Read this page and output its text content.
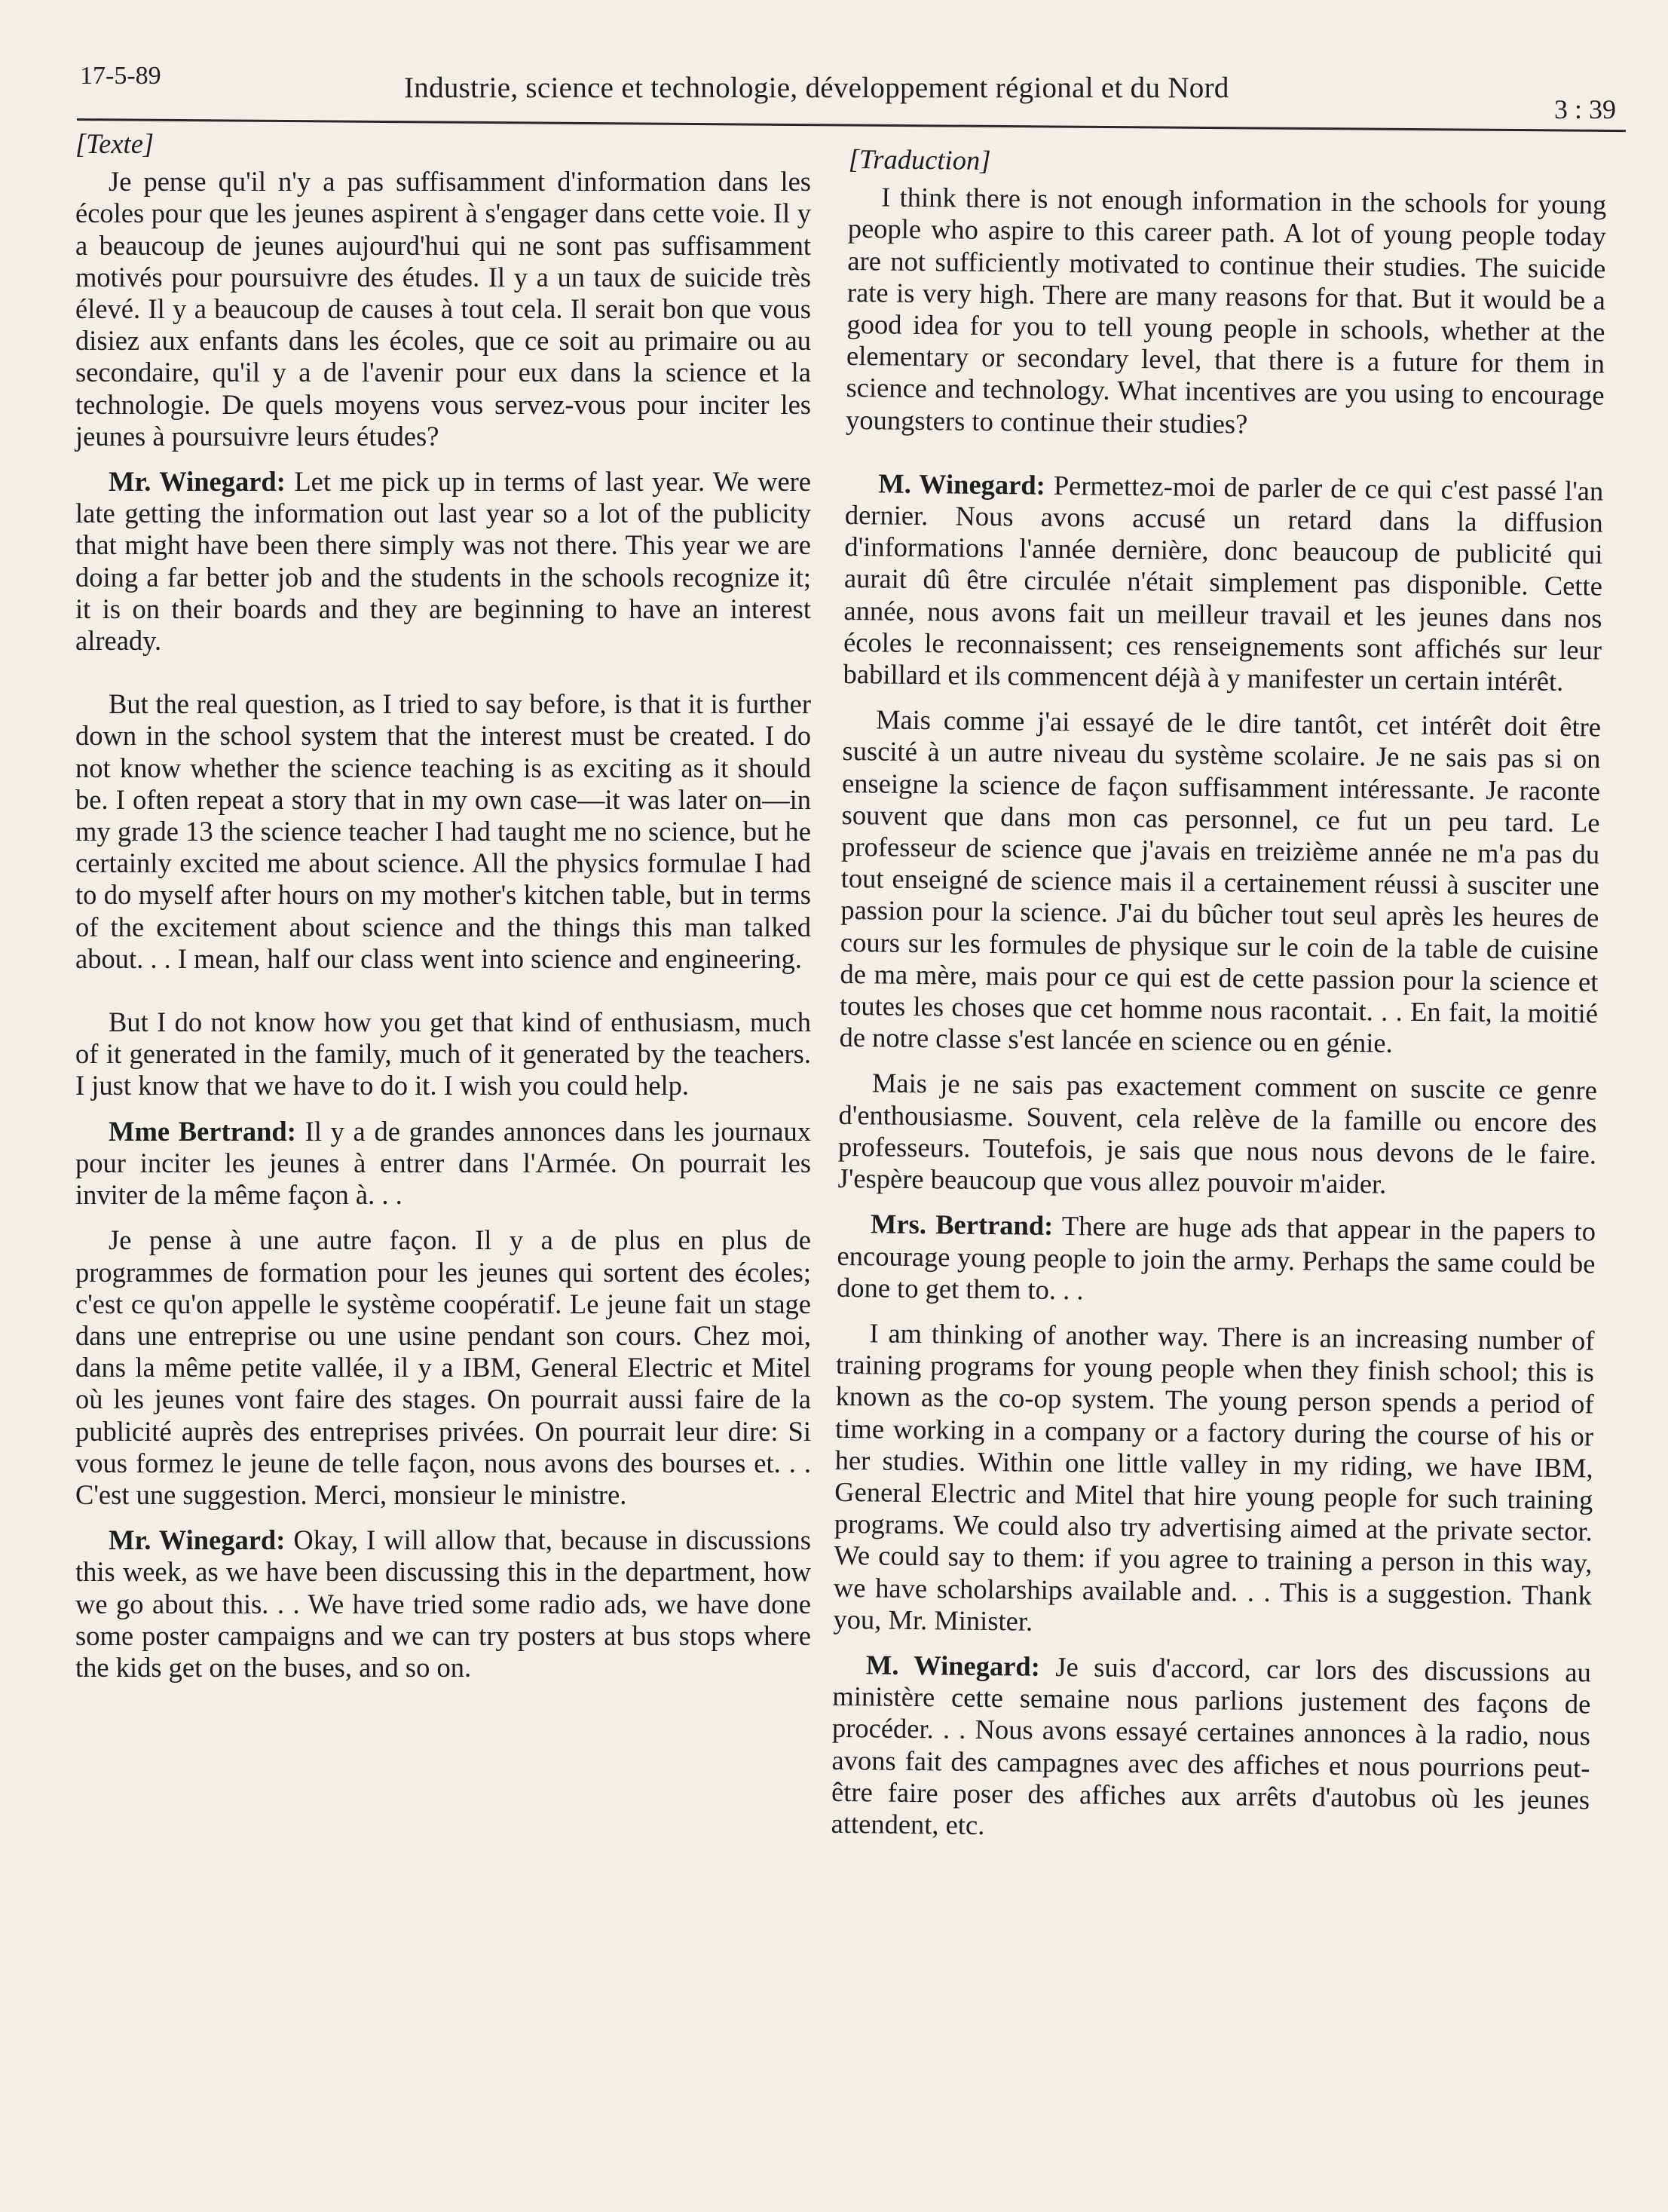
17-5-89	Industrie, science et technologie, développement régional et du Nord
3 : 39
[Texte]

Je pense qu'il n'y a pas suffisamment d'information dans les écoles pour que les jeunes aspirent à s'engager dans cette voie. Il y a beaucoup de jeunes aujourd'hui qui ne sont pas suffisamment motivés pour poursuivre des études. Il y a un taux de suicide très élevé. Il y a beaucoup de causes à tout cela. Il serait bon que vous disiez aux enfants dans les écoles, que ce soit au primaire ou au secondaire, qu'il y a de l'avenir pour eux dans la science et la technologie. De quels moyens vous servez-vous pour inciter les jeunes à poursuivre leurs études?

Mr. Winegard: Let me pick up in terms of last year. We were late getting the information out last year so a lot of the publicity that might have been there simply was not there. This year we are doing a far better job and the students in the schools recognize it; it is on their boards and they are beginning to have an interest already.

But the real question, as I tried to say before, is that it is further down in the school system that the interest must be created. I do not know whether the science teaching is as exciting as it should be. I often repeat a story that in my own case—it was later on—in my grade 13 the science teacher I had taught me no science, but he certainly excited me about science. All the physics formulae I had to do myself after hours on my mother's kitchen table, but in terms of the excitement about science and the things this man talked about. . . I mean, half our class went into science and engineering.

But I do not know how you get that kind of enthusiasm, much of it generated in the family, much of it generated by the teachers. I just know that we have to do it. I wish you could help.

Mme Bertrand: Il y a de grandes annonces dans les journaux pour inciter les jeunes à entrer dans l'Armée. On pourrait les inviter de la même façon à. . .

Je pense à une autre façon. Il y a de plus en plus de programmes de formation pour les jeunes qui sortent des écoles; c'est ce qu'on appelle le système coopératif. Le jeune fait un stage dans une entreprise ou une usine pendant son cours. Chez moi, dans la même petite vallée, il y a IBM, General Electric et Mitel où les jeunes vont faire des stages. On pourrait aussi faire de la publicité auprès des entreprises privées. On pourrait leur dire: Si vous formez le jeune de telle façon, nous avons des bourses et. . . C'est une suggestion. Merci, monsieur le ministre.

Mr. Winegard: Okay, I will allow that, because in discussions this week, as we have been discussing this in the department, how we go about this. . . We have tried some radio ads, we have done some poster campaigns and we can try posters at bus stops where the kids get on the buses, and so on.

[Traduction]

I think there is not enough information in the schools for young people who aspire to this career path. A lot of young people today are not sufficiently motivated to continue their studies. The suicide rate is very high. There are many reasons for that. But it would be a good idea for you to tell young people in schools, whether at the elementary or secondary level, that there is a future for them in science and technology. What incentives are you using to encourage youngsters to continue their studies?

M. Winegard: Permettez-moi de parler de ce qui c'est passé l'an dernier. Nous avons accusé un retard dans la diffusion d'informations l'année dernière, donc beaucoup de publicité qui aurait dû être circulée n'était simplement pas disponible. Cette année, nous avons fait un meilleur travail et les jeunes dans nos écoles le reconnaissent; ces renseignements sont affichés sur leur babillard et ils commencent déjà à y manifester un certain intérêt.

Mais comme j'ai essayé de le dire tantôt, cet intérêt doit être suscité à un autre niveau du système scolaire. Je ne sais pas si on enseigne la science de façon suffisamment intéressante. Je raconte souvent que dans mon cas personnel, ce fut un peu tard. Le professeur de science que j'avais en treizième année ne m'a pas du tout enseigné de science mais il a certainement réussi à susciter une passion pour la science. J'ai du bûcher tout seul après les heures de cours sur les formules de physique sur le coin de la table de cuisine de ma mère, mais pour ce qui est de cette passion pour la science et toutes les choses que cet homme nous racontait. . . En fait, la moitié de notre classe s'est lancée en science ou en génie.

Mais je ne sais pas exactement comment on suscite ce genre d'enthousiasme. Souvent, cela relève de la famille ou encore des professeurs. Toutefois, je sais que nous nous devons de le faire. J'espère beaucoup que vous allez pouvoir m'aider.

Mrs. Bertrand: There are huge ads that appear in the papers to encourage young people to join the army. Perhaps the same could be done to get them to. . .

I am thinking of another way. There is an increasing number of training programs for young people when they finish school; this is known as the co-op system. The young person spends a period of time working in a company or a factory during the course of his or her studies. Within one little valley in my riding, we have IBM, General Electric and Mitel that hire young people for such training programs. We could also try advertising aimed at the private sector. We could say to them: if you agree to training a person in this way, we have scholarships available and. . . This is a suggestion. Thank you, Mr. Minister.

M. Winegard: Je suis d'accord, car lors des discussions au ministère cette semaine nous parlions justement des façons de procéder. . . Nous avons essayé certaines annonces à la radio, nous avons fait des campagnes avec des affiches et nous pourrions peut-être faire poser des affiches aux arrêts d'autobus où les jeunes attendent, etc.
